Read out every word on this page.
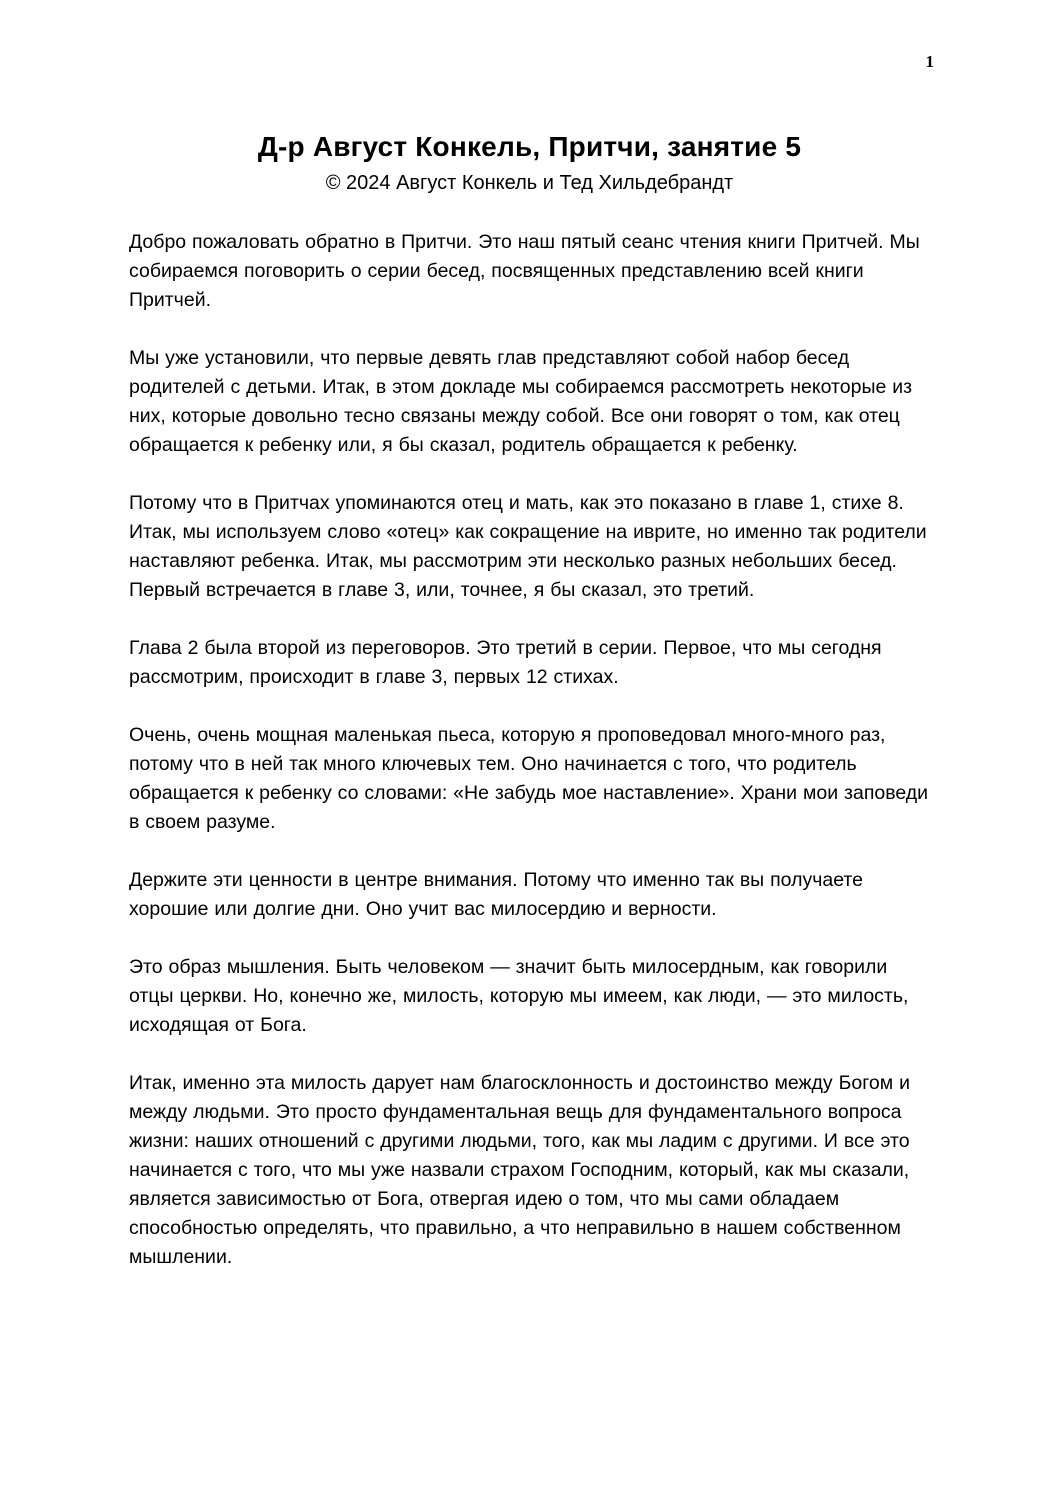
1
Д-р Август Конкель, Притчи, занятие 5
© 2024 Август Конкель и Тед Хильдебрандт

Добро пожаловать обратно в Притчи. Это наш пятый сеанс чтения книги Притчей. Мы собираемся поговорить о серии бесед, посвященных представлению всей книги Притчей.

Мы уже установили, что первые девять глав представляют собой набор бесед родителей с детьми. Итак, в этом докладе мы собираемся рассмотреть некоторые из них, которые довольно тесно связаны между собой. Все они говорят о том, как отец обращается к ребенку или, я бы сказал, родитель обращается к ребенку.

Потому что в Притчах упоминаются отец и мать, как это показано в главе 1, стихе 8. Итак, мы используем слово «отец» как сокращение на иврите, но именно так родители наставляют ребенка. Итак, мы рассмотрим эти несколько разных небольших бесед. Первый встречается в главе 3, или, точнее, я бы сказал, это третий.

Глава 2 была второй из переговоров. Это третий в серии. Первое, что мы сегодня рассмотрим, происходит в главе 3, первых 12 стихах.

Очень, очень мощная маленькая пьеса, которую я проповедовал много-много раз, потому что в ней так много ключевых тем. Оно начинается с того, что родитель обращается к ребенку со словами: «Не забудь мое наставление». Храни мои заповеди в своем разуме.

Держите эти ценности в центре внимания. Потому что именно так вы получаете хорошие или долгие дни. Оно учит вас милосердию и верности.

Это образ мышления. Быть человеком — значит быть милосердным, как говорили отцы церкви. Но, конечно же, милость, которую мы имеем, как люди, — это милость, исходящая от Бога.

Итак, именно эта милость дарует нам благосклонность и достоинство между Богом и между людьми. Это просто фундаментальная вещь для фундаментального вопроса жизни: наших отношений с другими людьми, того, как мы ладим с другими. И все это начинается с того, что мы уже назвали страхом Господним, который, как мы сказали, является зависимостью от Бога, отвергая идею о том, что мы сами обладаем способностью определять, что правильно, а что неправильно в нашем собственном мышлении.
